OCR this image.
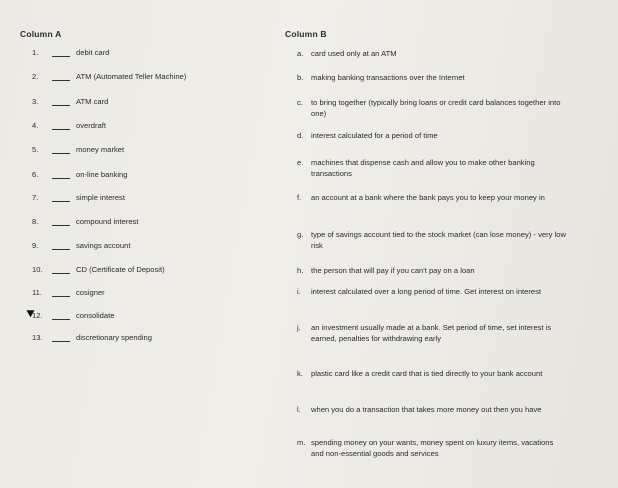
Column A	Column B
1.	debit card
2.	ATM (Automated Teller Machine)
3.	ATM card
4.	overdraft
5.	money market
6.	on-line banking
7.	simple interest
8.	compound interest
9.	savings account
10.	CD (Certificate of Deposit)
11.	cosigner
12.	consolidate
13.	discretionary spending
a.	card used only at an ATM
b.	making banking transactions over the Internet
c.	to bring together (typically bring loans or credit card balances together into one)
d.	interest calculated for a period of time
e.	machines that dispense cash and allow you to make other banking transactions
f.	an account at a bank where the bank pays you to keep your money in
g.	type of savings account tied to the stock market (can lose money) - very low risk
h.	the person that will pay if you can't pay on a loan
i.	interest calculated over a long period of time. Get interest on interest
j.	an investment usually made at a bank. Set period of time, set interest is earned, penalties for withdrawing early
k.	plastic card like a credit card that is tied directly to your bank account
l.	when you do a transaction that takes more money out then you have
m. spending money on your wants, money spent on luxury items, vacations and non-essential goods and services
